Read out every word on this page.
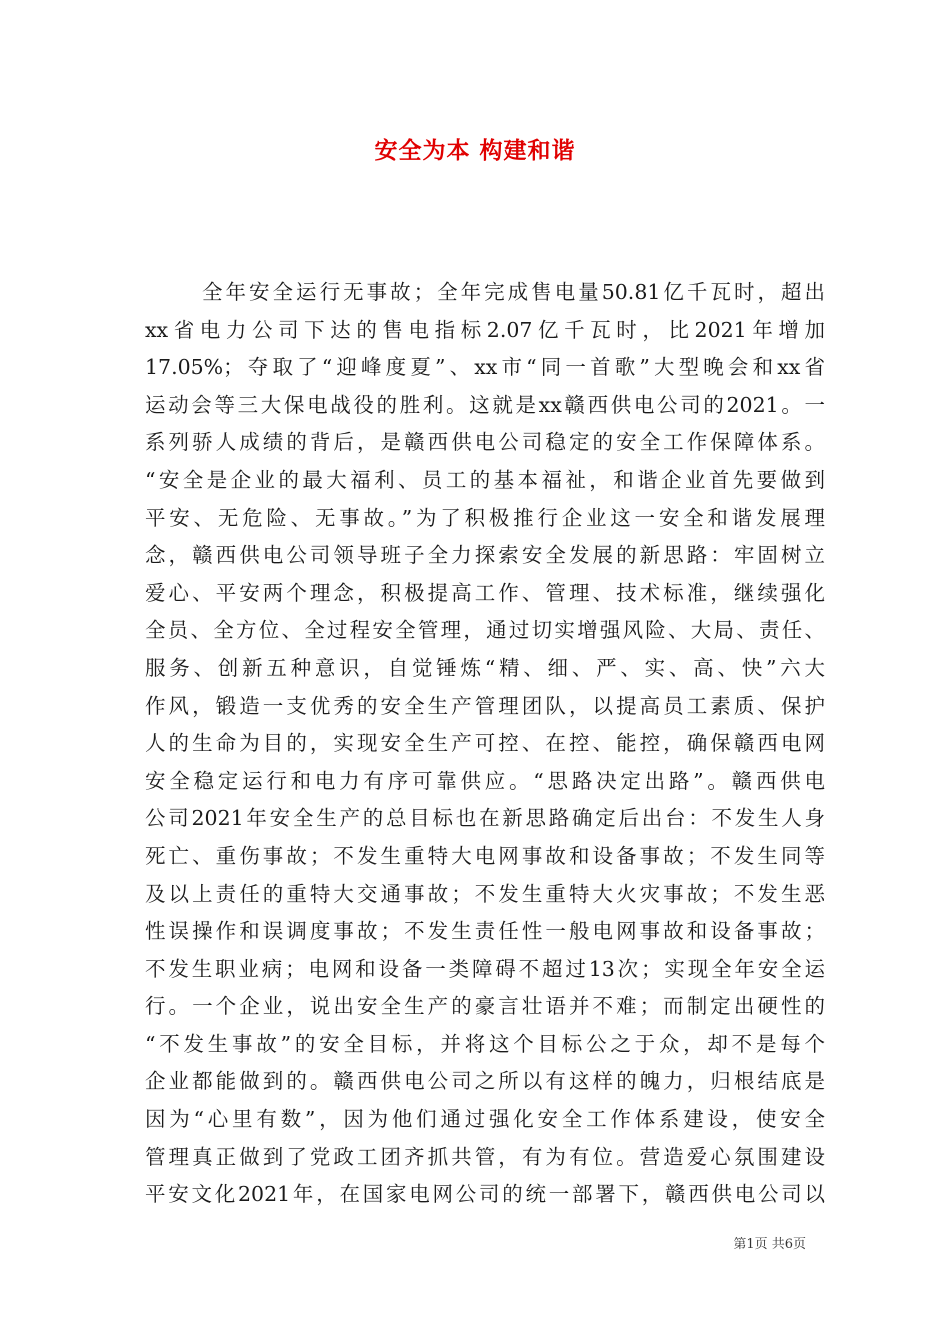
安全为本 构建和谐
全年安全运行无事故；全年完成售电量50.81亿千瓦时，超出
xx省电力公司下达的售电指标2.07亿千瓦时，比2021年增加
17.05%；夺取了“迎峰度夏”、xx市“同一首歌”大型晚会和xx省
运动会等三大保电战役的胜利。这就是xx赣西供电公司的2021。一
系列骄人成绩的背后，是赣西供电公司稳定的安全工作保障体系。
“安全是企业的最大福利、员工的基本福祉，和谐企业首先要做到
平安、无危险、无事故。”为了积极推行企业这一安全和谐发展理
念，赣西供电公司领导班子全力探索安全发展的新思路：牢固树立
爱心、平安两个理念，积极提高工作、管理、技术标准，继续强化
全员、全方位、全过程安全管理，通过切实增强风险、大局、责任、
服务、创新五种意识，自觉锤炼“精、细、严、实、高、快”六大
作风，锻造一支优秀的安全生产管理团队，以提高员工素质、保护
人的生命为目的，实现安全生产可控、在控、能控，确保赣西电网
安全稳定运行和电力有序可靠供应。“思路决定出路”。赣西供电
公司2021年安全生产的总目标也在新思路确定后出台：不发生人身
死亡、重伤事故；不发生重特大电网事故和设备事故；不发生同等
及以上责任的重特大交通事故；不发生重特大火灾事故；不发生恶
性误操作和误调度事故；不发生责任性一般电网事故和设备事故；
不发生职业病；电网和设备一类障碍不超过13次；实现全年安全运
行。一个企业，说出安全生产的豪言壮语并不难；而制定出硬性的
“不发生事故”的安全目标，并将这个目标公之于众，却不是每个
企业都能做到的。赣西供电公司之所以有这样的魄力，归根结底是
因为“心里有数”，因为他们通过强化安全工作体系建设，使安全
管理真正做到了党政工团齐抓共管，有为有位。营造爱心氛围建设
平安文化2021年，在国家电网公司的统一部署下，赣西供电公司以
第1页 共6页
